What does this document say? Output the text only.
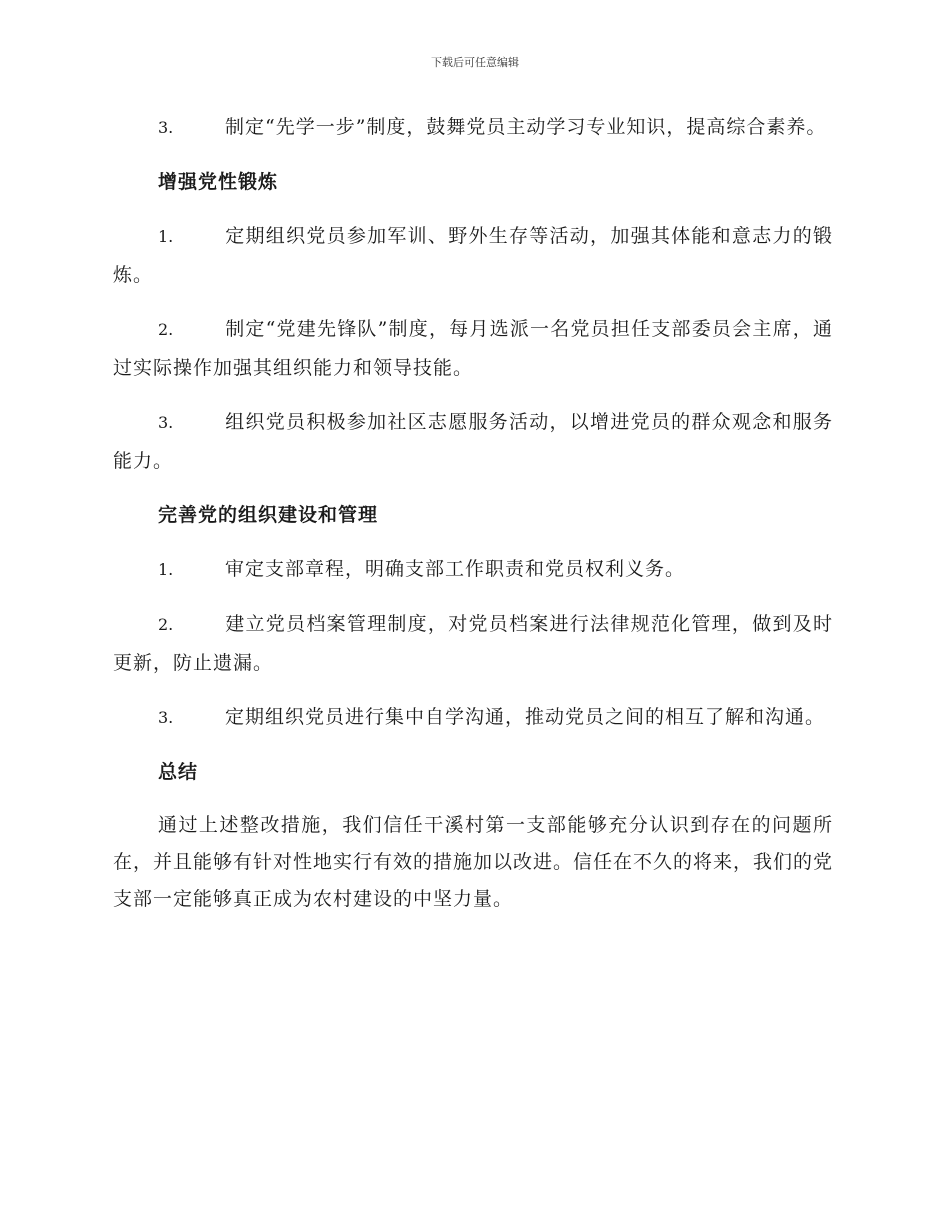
下载后可任意编辑

3.	制定“先学一步”制度，鼓舞党员主动学习专业知识，提高综合素养。

增强党性锻炼

1.	定期组织党员参加军训、野外生存等活动，加强其体能和意志力的锻炼。

2.	制定“党建先锋队”制度，每月选派一名党员担任支部委员会主席，通过实际操作加强其组织能力和领导技能。

3.	组织党员积极参加社区志愿服务活动，以增进党员的群众观念和服务能力。

完善党的组织建设和管理

1.	审定支部章程，明确支部工作职责和党员权利义务。

2.	建立党员档案管理制度，对党员档案进行法律规范化管理，做到及时更新，防止遗漏。

3.	定期组织党员进行集中自学沟通，推动党员之间的相互了解和沟通。

总结

通过上述整改措施，我们信任干溪村第一支部能够充分认识到存在的问题所在，并且能够有针对性地实行有效的措施加以改进。信任在不久的将来，我们的党支部一定能够真正成为农村建设的中坚力量。
